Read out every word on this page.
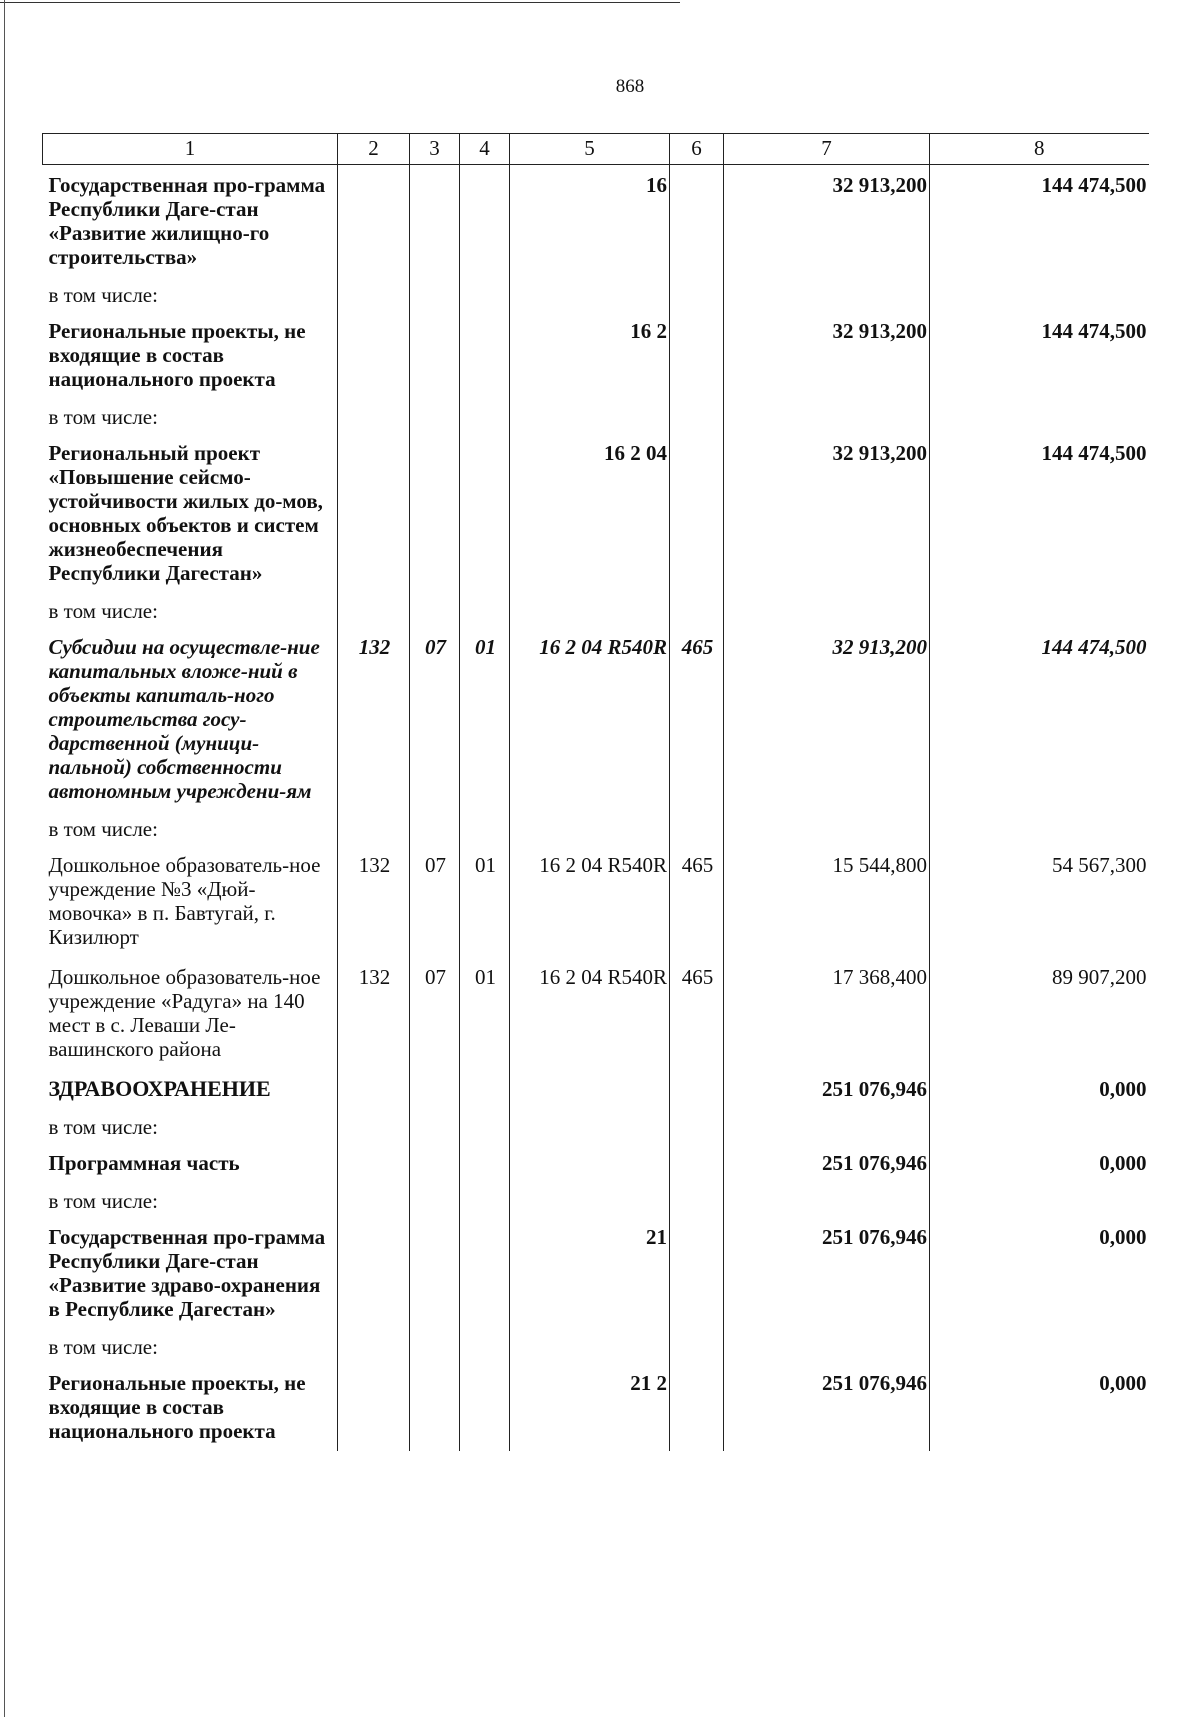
868
1	2	3	4	5	6	7	8
Государственная про-грамма Республики Даге-стан «Развитие жилищно-го строительства»				16		32 913,200	144 474,500
в том числе:							
Региональные проекты, не входящие в состав национального проекта				16 2		32 913,200	144 474,500
в том числе:							
Региональный проект «Повышение сейсмо-устойчивости жилых до-мов, основных объектов и систем жизнеобеспечения Республики Дагестан»				16 2 04		32 913,200	144 474,500
в том числе:							
Субсидии на осуществле-ние капитальных вложе-ний в объекты капиталь-ного строительства госу-дарственной (муници-пальной) собственности автономным учреждени-ям	132	07	01	16 2 04 R540R	465	32 913,200	144 474,500
в том числе:							
Дошкольное образователь-ное учреждение №3 «Дюй-мовочка» в п. Бавтугай, г. Кизилюрт	132	07	01	16 2 04 R540R	465	15 544,800	54 567,300
Дошкольное образователь-ное учреждение «Радуга» на 140 мест в с. Леваши Ле-вашинского района	132	07	01	16 2 04 R540R	465	17 368,400	89 907,200
ЗДРАВООХРАНЕНИЕ						251 076,946	0,000
в том числе:							
Программная часть						251 076,946	0,000
в том числе:							
Государственная про-грамма Республики Даге-стан «Развитие здраво-охранения в Республике Дагестан»				21		251 076,946	0,000
в том числе:							
Региональные проекты, не входящие в состав национального проекта				21 2		251 076,946	0,000
